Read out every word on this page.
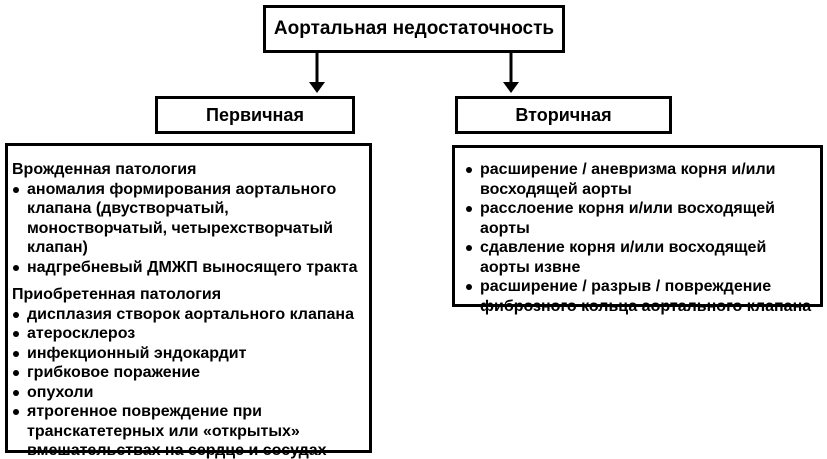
Аортальная недостаточность
Первичная	Вторичная
Врожденная патология
аномалия формирования аортального клапана (двустворчатый, моностворчатый, четырехстворчатый клапан)
надгребневый ДМЖП выносящего тракта
Приобретенная патология
дисплазия створок аортального клапана
атеросклероз
инфекционный эндокардит
грибковое поражение
опухоли
ятрогенное повреждение при транскатетерных или «открытых» вмешательствах на сердце и сосудах
расширение / аневризма корня и/или восходящей аорты
расслоение корня и/или восходящей аорты
сдавление корня и/или восходящей аорты извне
расширение / разрыв / повреждение фиброзного кольца аортального клапана
